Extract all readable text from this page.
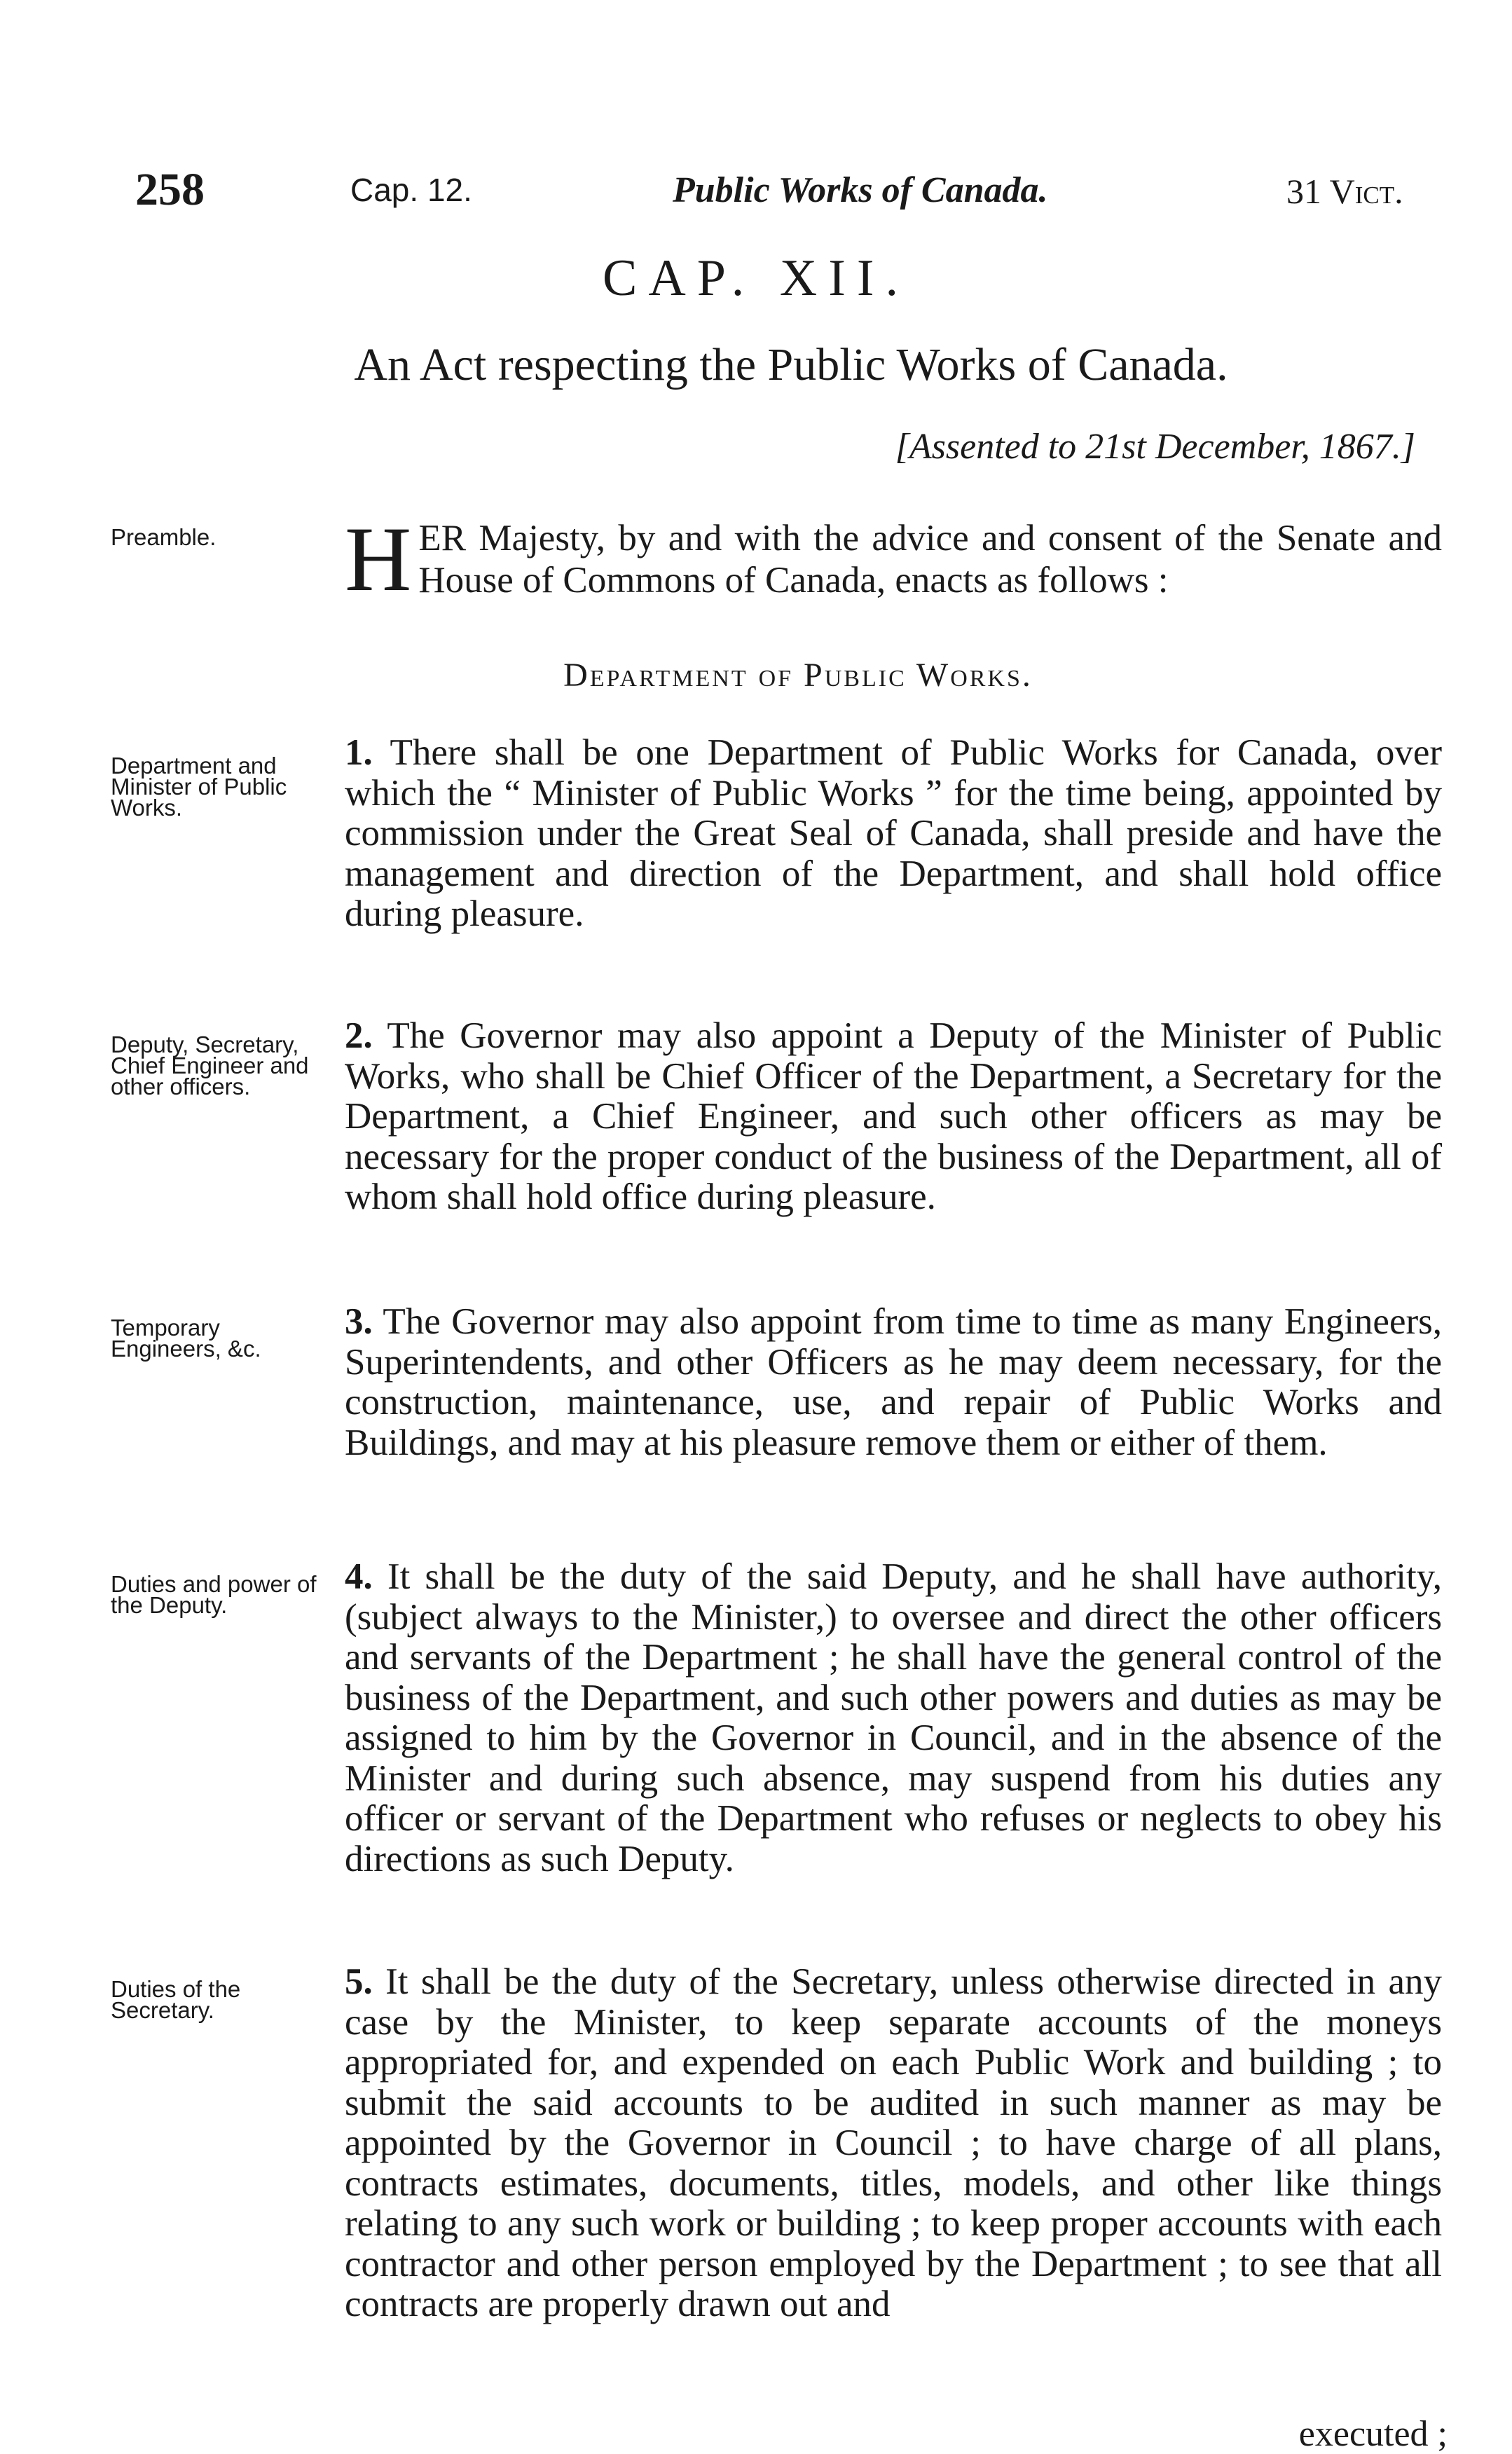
258	Cap. 12.	Public Works of Canada.	31 Vict.
CAP. XII.
An Act respecting the Public Works of Canada.
[Assented to 21st December, 1867.]
Preamble.	HER Majesty, by and with the advice and consent of the Senate and House of Commons of Canada, enacts as follows :
Department of Public Works.
Department and Minister of Public Works.
1. There shall be one Department of Public Works for Canada, over which the “ Minister of Public Works ” for the time being, appointed by commission under the Great Seal of Canada, shall preside and have the management and direction of the Department, and shall hold office during pleasure.
Deputy, Secretary, Chief Engineer and other officers.
2. The Governor may also appoint a Deputy of the Minister of Public Works, who shall be Chief Officer of the Department, a Secretary for the Department, a Chief Engineer, and such other officers as may be necessary for the proper conduct of the business of the Department, all of whom shall hold office during pleasure.
Temporary Engineers, &c.
3. The Governor may also appoint from time to time as many Engineers, Superintendents, and other Officers as he may deem necessary, for the construction, maintenance, use, and repair of Public Works and Buildings, and may at his pleasure remove them or either of them.
Duties and power of the Deputy.
4. It shall be the duty of the said Deputy, and he shall have authority, (subject always to the Minister,) to oversee and direct the other officers and servants of the Department ; he shall have the general control of the business of the Department, and such other powers and duties as may be assigned to him by the Governor in Council, and in the absence of the Minister and during such absence, may suspend from his duties any officer or servant of the Department who refuses or neglects to obey his directions as such Deputy.
Duties of the Secretary.
5. It shall be the duty of the Secretary, unless otherwise directed in any case by the Minister, to keep separate accounts of the moneys appropriated for, and expended on each Public Work and building ; to submit the said accounts to be audited in such manner as may be appointed by the Governor in Council ; to have charge of all plans, contracts estimates, documents, titles, models, and other like things relating to any such work or building ; to keep proper accounts with each contractor and other person employed by the Department ; to see that all contracts are properly drawn out and
executed ;
